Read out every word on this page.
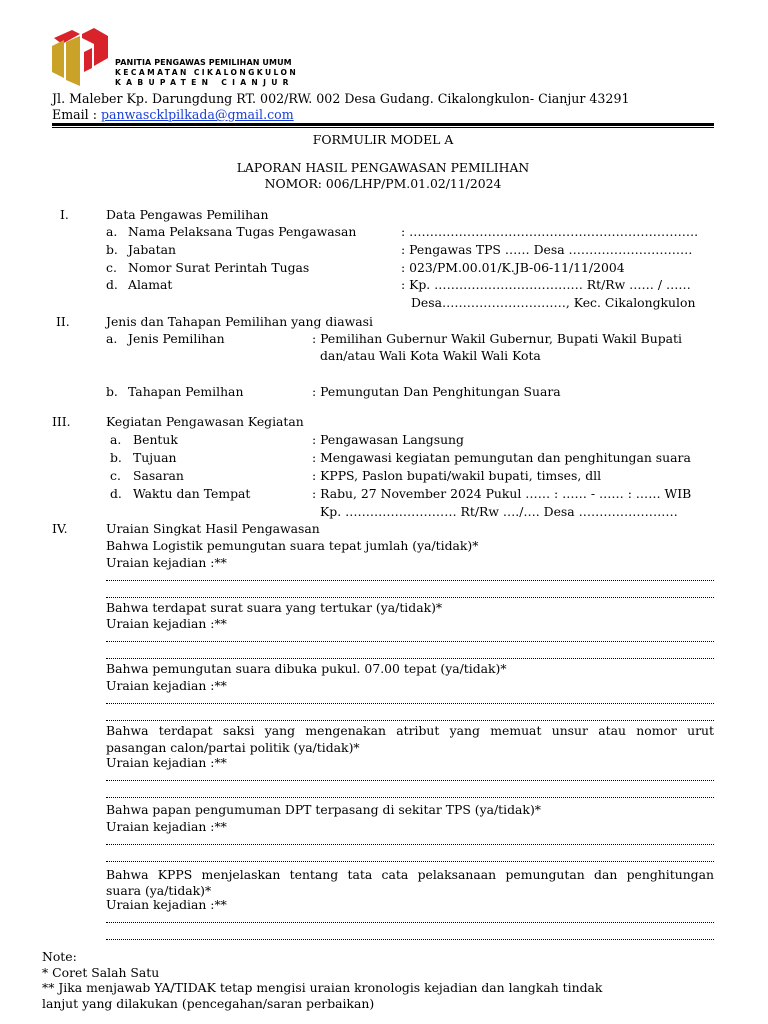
PANITIA PENGAWAS PEMILIHAN UMUM
KECAMATAN CIKALONGKULON
KABUPATEN CIANJUR
Jl. Maleber Kp. Darungdung RT. 002/RW. 002 Desa Gudang. Cikalongkulon- Cianjur 43291
Email : panwascklpilkada@gmail.com
FORMULIR MODEL A
LAPORAN HASIL PENGAWASAN PEMILIHAN
NOMOR: 006/LHP/PM.01.02/11/2024
I.	Data Pengawas Pemilihan
a. Nama Pelaksana Tugas Pengawasan	: …………………………………………………………….
b. Jabatan	: Pengawas TPS …… Desa …………………………
c. Nomor Surat Perintah Tugas	: 023/PM.00.01/K.JB-06-11/11/2004
d. Alamat	: Kp. ……………………………… Rt/Rw …… / ……
Desa…………………………, Kec. Cikalongkulon
II.	Jenis dan Tahapan Pemilihan yang diawasi
a. Jenis Pemilihan	: Pemilihan Gubernur Wakil Gubernur, Bupati Wakil Bupati
dan/atau Wali Kota Wakil Wali Kota
b. Tahapan Pemilhan	: Pemungutan Dan Penghitungan Suara
III.	Kegiatan Pengawasan Kegiatan
a. Bentuk	: Pengawasan Langsung
b. Tujuan	: Mengawasi kegiatan pemungutan dan penghitungan suara
c. Sasaran	: KPPS, Paslon bupati/wakil bupati, timses, dll
d. Waktu dan Tempat	: Rabu, 27 November 2024 Pukul …… : …… - …… : …… WIB
Kp. ……………………… Rt/Rw …./…. Desa ……………………
IV.	Uraian Singkat Hasil Pengawasan
Bahwa Logistik pemungutan suara tepat jumlah (ya/tidak)*
Uraian kejadian :**
Bahwa terdapat surat suara yang tertukar (ya/tidak)*
Uraian kejadian :**
Bahwa pemungutan suara dibuka pukul. 07.00 tepat (ya/tidak)*
Uraian kejadian :**
Bahwa terdapat saksi yang mengenakan atribut yang memuat unsur atau nomor urut
pasangan calon/partai politik (ya/tidak)*
Uraian kejadian :**
Bahwa papan pengumuman DPT terpasang di sekitar TPS (ya/tidak)*
Uraian kejadian :**
Bahwa KPPS menjelaskan tentang tata cata pelaksanaan pemungutan dan penghitungan
suara (ya/tidak)*
Uraian kejadian :**
Note:
* Coret Salah Satu
** Jika menjawab YA/TIDAK tetap mengisi uraian kronologis kejadian dan langkah tindak
lanjut yang dilakukan (pencegahan/saran perbaikan)
